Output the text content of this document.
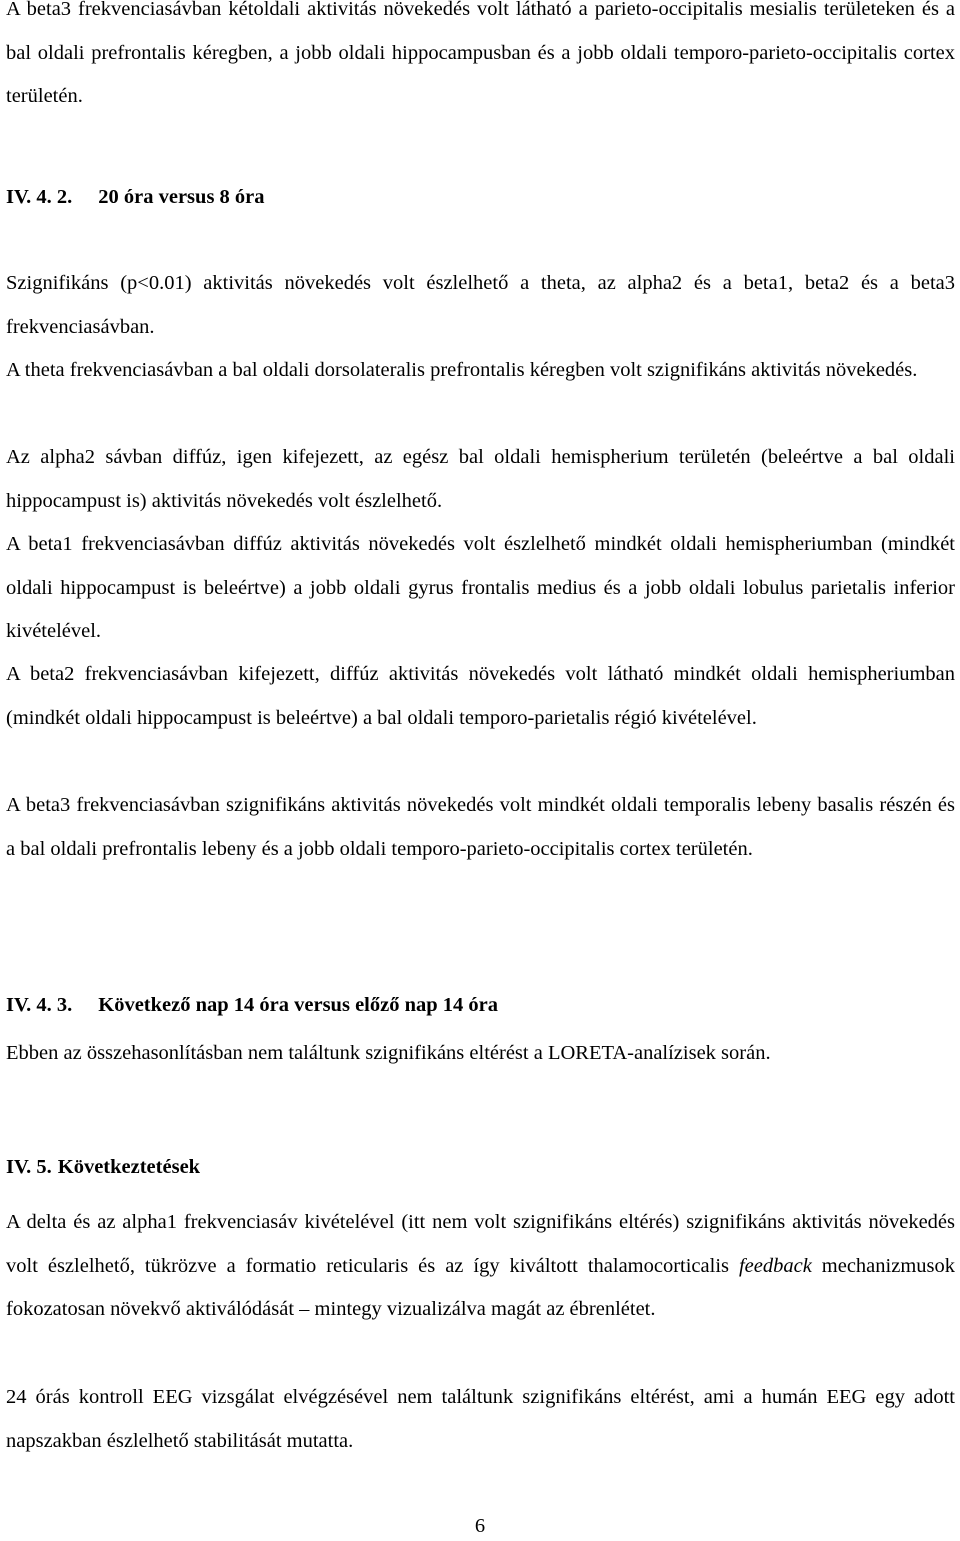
A beta3 frekvenciasávban kétoldali aktivitás növekedés volt látható a parieto-occipitalis mesialis területeken és a bal oldali prefrontalis kéregben, a jobb oldali hippocampusban és a jobb oldali temporo-parieto-occipitalis cortex területén.

IV. 4. 2. 20 óra versus 8 óra

Szignifikáns (p<0.01) aktivitás növekedés volt észlelhető a theta, az alpha2 és a beta1, beta2 és a beta3 frekvenciasávban.

A theta frekvenciasávban a bal oldali dorsolateralis prefrontalis kéregben volt szignifikáns aktivitás növekedés.

Az alpha2 sávban diffúz, igen kifejezett, az egész bal oldali hemispherium területén (beleértve a bal oldali hippocampust is) aktivitás növekedés volt észlelhető.

A beta1 frekvenciasávban diffúz aktivitás növekedés volt észlelhető mindkét oldali hemispheriumban (mindkét oldali hippocampust is beleértve) a jobb oldali gyrus frontalis medius és a jobb oldali lobulus parietalis inferior kivételével.

A beta2 frekvenciasávban kifejezett, diffúz aktivitás növekedés volt látható mindkét oldali hemispheriumban (mindkét oldali hippocampust is beleértve) a bal oldali temporo-parietalis régió kivételével.

A beta3 frekvenciasávban szignifikáns aktivitás növekedés volt mindkét oldali temporalis lebeny basalis részén és a bal oldali prefrontalis lebeny és a jobb oldali temporo-parieto-occipitalis cortex területén.

IV. 4. 3. Következő nap 14 óra versus előző nap 14 óra

Ebben az összehasonlításban nem találtunk szignifikáns eltérést a LORETA-analízisek során.

IV. 5. Következtetések

A delta és az alpha1 frekvenciasáv kivételével (itt nem volt szignifikáns eltérés) szignifikáns aktivitás növekedés volt észlelhető, tükrözve a formatio reticularis és az így kiváltott thalamocorticalis feedback mechanizmusok fokozatosan növekvő aktiválódását – mintegy vizualizálva magát az ébrenlétet.

24 órás kontroll EEG vizsgálat elvégzésével nem találtunk szignifikáns eltérést, ami a humán EEG egy adott napszakban észlelhető stabilitását mutatta.

6
